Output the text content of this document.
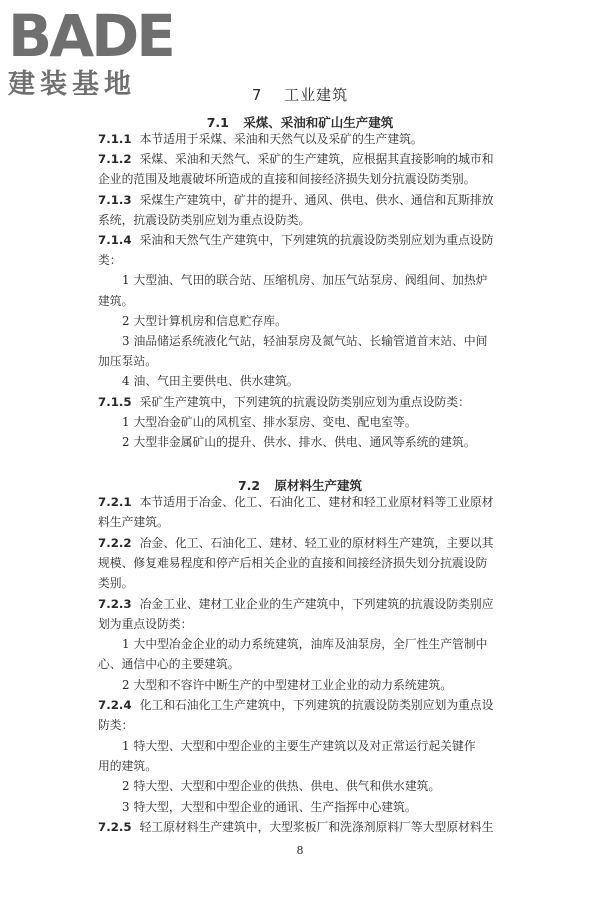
BADE
建装基地	7 工业建筑
7.1 采煤、采油和矿山生产建筑
7.1.1 本节适用于采煤、采油和天然气以及采矿的生产建筑。
7.1.2 采煤、采油和天然气、采矿的生产建筑，应根据其直接影响的城市和
企业的范围及地震破坏所造成的直接和间接经济损失划分抗震设防类别。
7.1.3 采煤生产建筑中，矿井的提升、通风、供电、供水、通信和瓦斯排放
系统，抗震设防类别应划为重点设防类。
7.1.4 采油和天然气生产建筑中，下列建筑的抗震设防类别应划为重点设防
类：
1 大型油、气田的联合站、压缩机房、加压气站泵房、阀组间、加热炉
建筑。
2 大型计算机房和信息贮存库。
3 油品储运系统液化气站，轻油泵房及氮气站、长输管道首末站、中间
加压泵站。
4 油、气田主要供电、供水建筑。
7.1.5 采矿生产建筑中，下列建筑的抗震设防类别应划为重点设防类：
1 大型冶金矿山的风机室、排水泵房、变电、配电室等。
2 大型非金属矿山的提升、供水、排水、供电、通风等系统的建筑。
7.2 原材料生产建筑
7.2.1 本节适用于冶金、化工、石油化工、建材和轻工业原材料等工业原材
料生产建筑。
7.2.2 冶金、化工、石油化工、建材、轻工业的原材料生产建筑，主要以其
规模、修复难易程度和停产后相关企业的直接和间接经济损失划分抗震设防
类别。
7.2.3 冶金工业、建材工业企业的生产建筑中，下列建筑的抗震设防类别应
划为重点设防类：
1 大中型冶金企业的动力系统建筑，油库及油泵房，全厂性生产管制中
心、通信中心的主要建筑。
2 大型和不容许中断生产的中型建材工业企业的动力系统建筑。
7.2.4 化工和石油化工生产建筑中，下列建筑的抗震设防类别应划为重点设
防类：
1 特大型、大型和中型企业的主要生产建筑以及对正常运行起关键作
用的建筑。
2 特大型、大型和中型企业的供热、供电、供气和供水建筑。
3 特大型，大型和中型企业的通讯、生产指挥中心建筑。
7.2.5 轻工原材料生产建筑中，大型浆板厂和洗涤剂原料厂等大型原材料生
8
